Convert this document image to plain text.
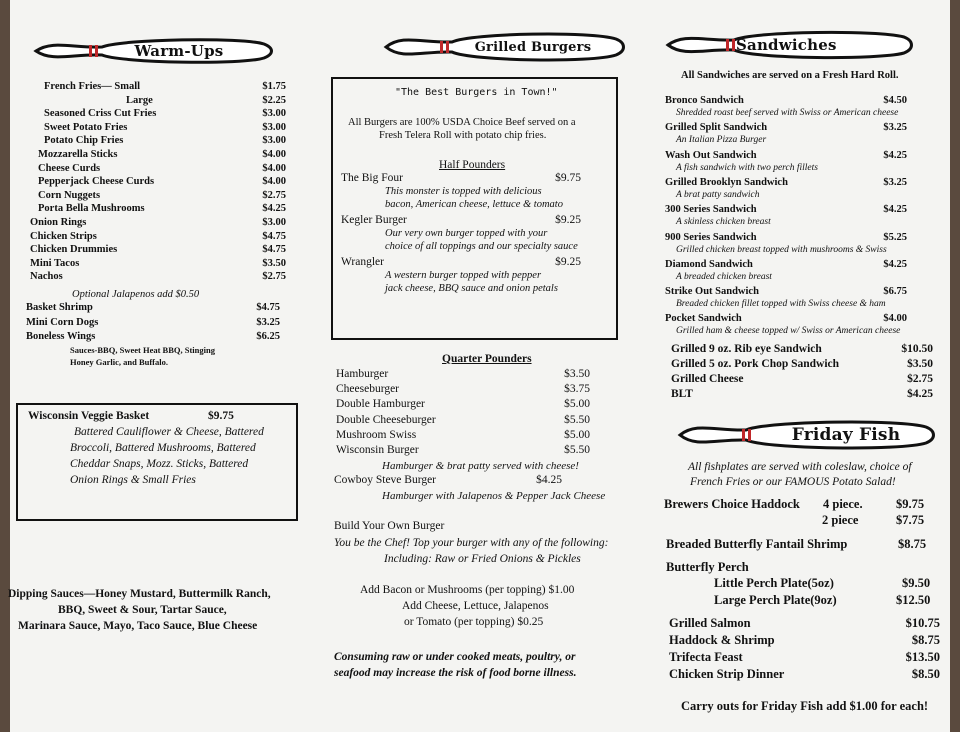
Warm-Ups
French Fries— Small	$1.75
Large	$2.25
Seasoned Criss Cut Fries	$3.00
Sweet Potato Fries	$3.00
Potato Chip Fries	$3.00
Mozzarella Sticks	$4.00
Cheese Curds	$4.00
Pepperjack Cheese Curds	$4.00
Corn Nuggets	$2.75
Porta Bella Mushrooms	$4.25
Onion Rings	$3.00
Chicken Strips	$4.75
Chicken Drummies	$4.75
Mini Tacos	$3.50
Nachos	$2.75
Optional Jalapenos add $0.50
Basket Shrimp	$4.75
Mini Corn Dogs	$3.25
Boneless Wings	$6.25
Sauces-BBQ, Sweet Heat BBQ, Stinging
Honey Garlic, and Buffalo.
Wisconsin Veggie Basket	$9.75
Battered Cauliflower & Cheese, Battered
Broccoli, Battered Mushrooms, Battered
Cheddar Snaps, Mozz. Sticks, Battered
Onion Rings & Small Fries
Dipping Sauces—Honey Mustard, Buttermilk Ranch,
BBQ, Sweet & Sour, Tartar Sauce,
Marinara Sauce, Mayo, Taco Sauce, Blue Cheese
Grilled Burgers
"The Best Burgers in Town!"
All Burgers are 100% USDA Choice Beef served on a
Fresh Telera Roll with potato chip fries.
Half Pounders
The Big Four	$9.75
This monster is topped with delicious
bacon, American cheese, lettuce & tomato
Kegler Burger	$9.25
Our very own burger topped with your
choice of all toppings and our specialty sauce
Wrangler	$9.25
A western burger topped with pepper
jack cheese, BBQ sauce and onion petals
Quarter Pounders
Hamburger	$3.50
Cheeseburger	$3.75
Double Hamburger	$5.00
Double Cheeseburger	$5.50
Mushroom Swiss	$5.00
Wisconsin Burger	$5.50
Hamburger & brat patty served with cheese!
Cowboy Steve Burger	$4.25
Hamburger with Jalapenos & Pepper Jack Cheese
Build Your Own Burger
You be the Chef! Top your burger with any of the following:
Including: Raw or Fried Onions & Pickles
Add Bacon or Mushrooms (per topping) $1.00
Add Cheese, Lettuce, Jalapenos
or Tomato (per topping) $0.25
Consuming raw or under cooked meats, poultry, or
seafood may increase the risk of food borne illness.
Sandwiches
All Sandwiches are served on a Fresh Hard Roll.
Bronco Sandwich	$4.50
Shredded roast beef served with Swiss or American cheese
Grilled Split Sandwich	$3.25
An Italian Pizza Burger
Wash Out Sandwich	$4.25
A fish sandwich with two perch fillets
Grilled Brooklyn Sandwich	$3.25
A brat patty sandwich
300 Series Sandwich	$4.25
A skinless chicken breast
900 Series Sandwich	$5.25
Grilled chicken breast topped with mushrooms & Swiss
Diamond Sandwich	$4.25
A breaded chicken breast
Strike Out Sandwich	$6.75
Breaded chicken fillet topped with Swiss cheese & ham
Pocket Sandwich	$4.00
Grilled ham & cheese topped w/ Swiss or American cheese
Grilled 9 oz. Rib eye Sandwich	$10.50
Grilled 5 oz. Pork Chop Sandwich	$3.50
Grilled Cheese	$2.75
BLT	$4.25
Friday Fish
All fishplates are served with coleslaw, choice of
French Fries or our FAMOUS Potato Salad!
Brewers Choice Haddock 4 piece.	$9.75
2 piece	$7.75
Breaded Butterfly Fantail Shrimp	$8.75
Butterfly Perch
Little Perch Plate(5oz)	$9.50
Large Perch Plate(9oz)	$12.50
Grilled Salmon	$10.75
Haddock & Shrimp	$8.75
Trifecta Feast	$13.50
Chicken Strip Dinner	$8.50
Carry outs for Friday Fish add $1.00 for each!
